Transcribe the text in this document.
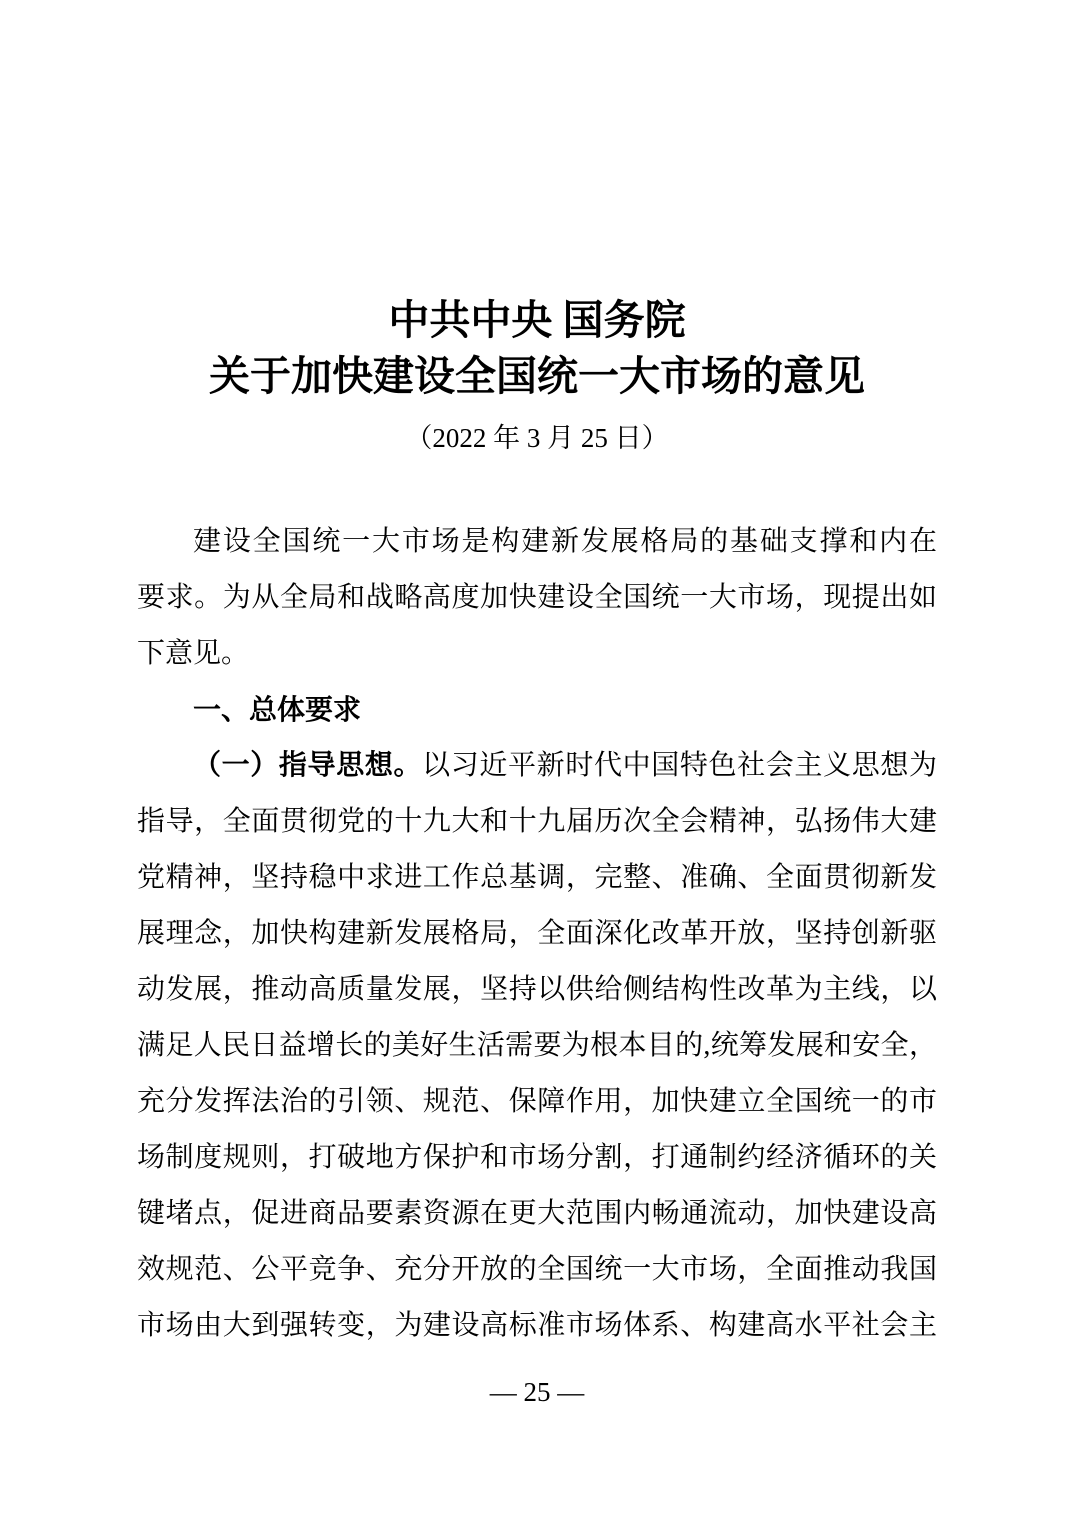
中共中央 国务院
关于加快建设全国统一大市场的意见
（2022 年 3 月 25 日）
建设全国统一大市场是构建新发展格局的基础支撑和内在
要求。为从全局和战略高度加快建设全国统一大市场，现提出如
下意见。
一、总体要求
（一）指导思想。以习近平新时代中国特色社会主义思想为
指导，全面贯彻党的十九大和十九届历次全会精神，弘扬伟大建
党精神，坚持稳中求进工作总基调，完整、准确、全面贯彻新发
展理念，加快构建新发展格局，全面深化改革开放，坚持创新驱
动发展，推动高质量发展，坚持以供给侧结构性改革为主线，以
满足人民日益增长的美好生活需要为根本目的,统筹发展和安全，
充分发挥法治的引领、规范、保障作用，加快建立全国统一的市
场制度规则，打破地方保护和市场分割，打通制约经济循环的关
键堵点，促进商品要素资源在更大范围内畅通流动，加快建设高
效规范、公平竞争、充分开放的全国统一大市场，全面推动我国
市场由大到强转变，为建设高标准市场体系、构建高水平社会主
— 25 —
